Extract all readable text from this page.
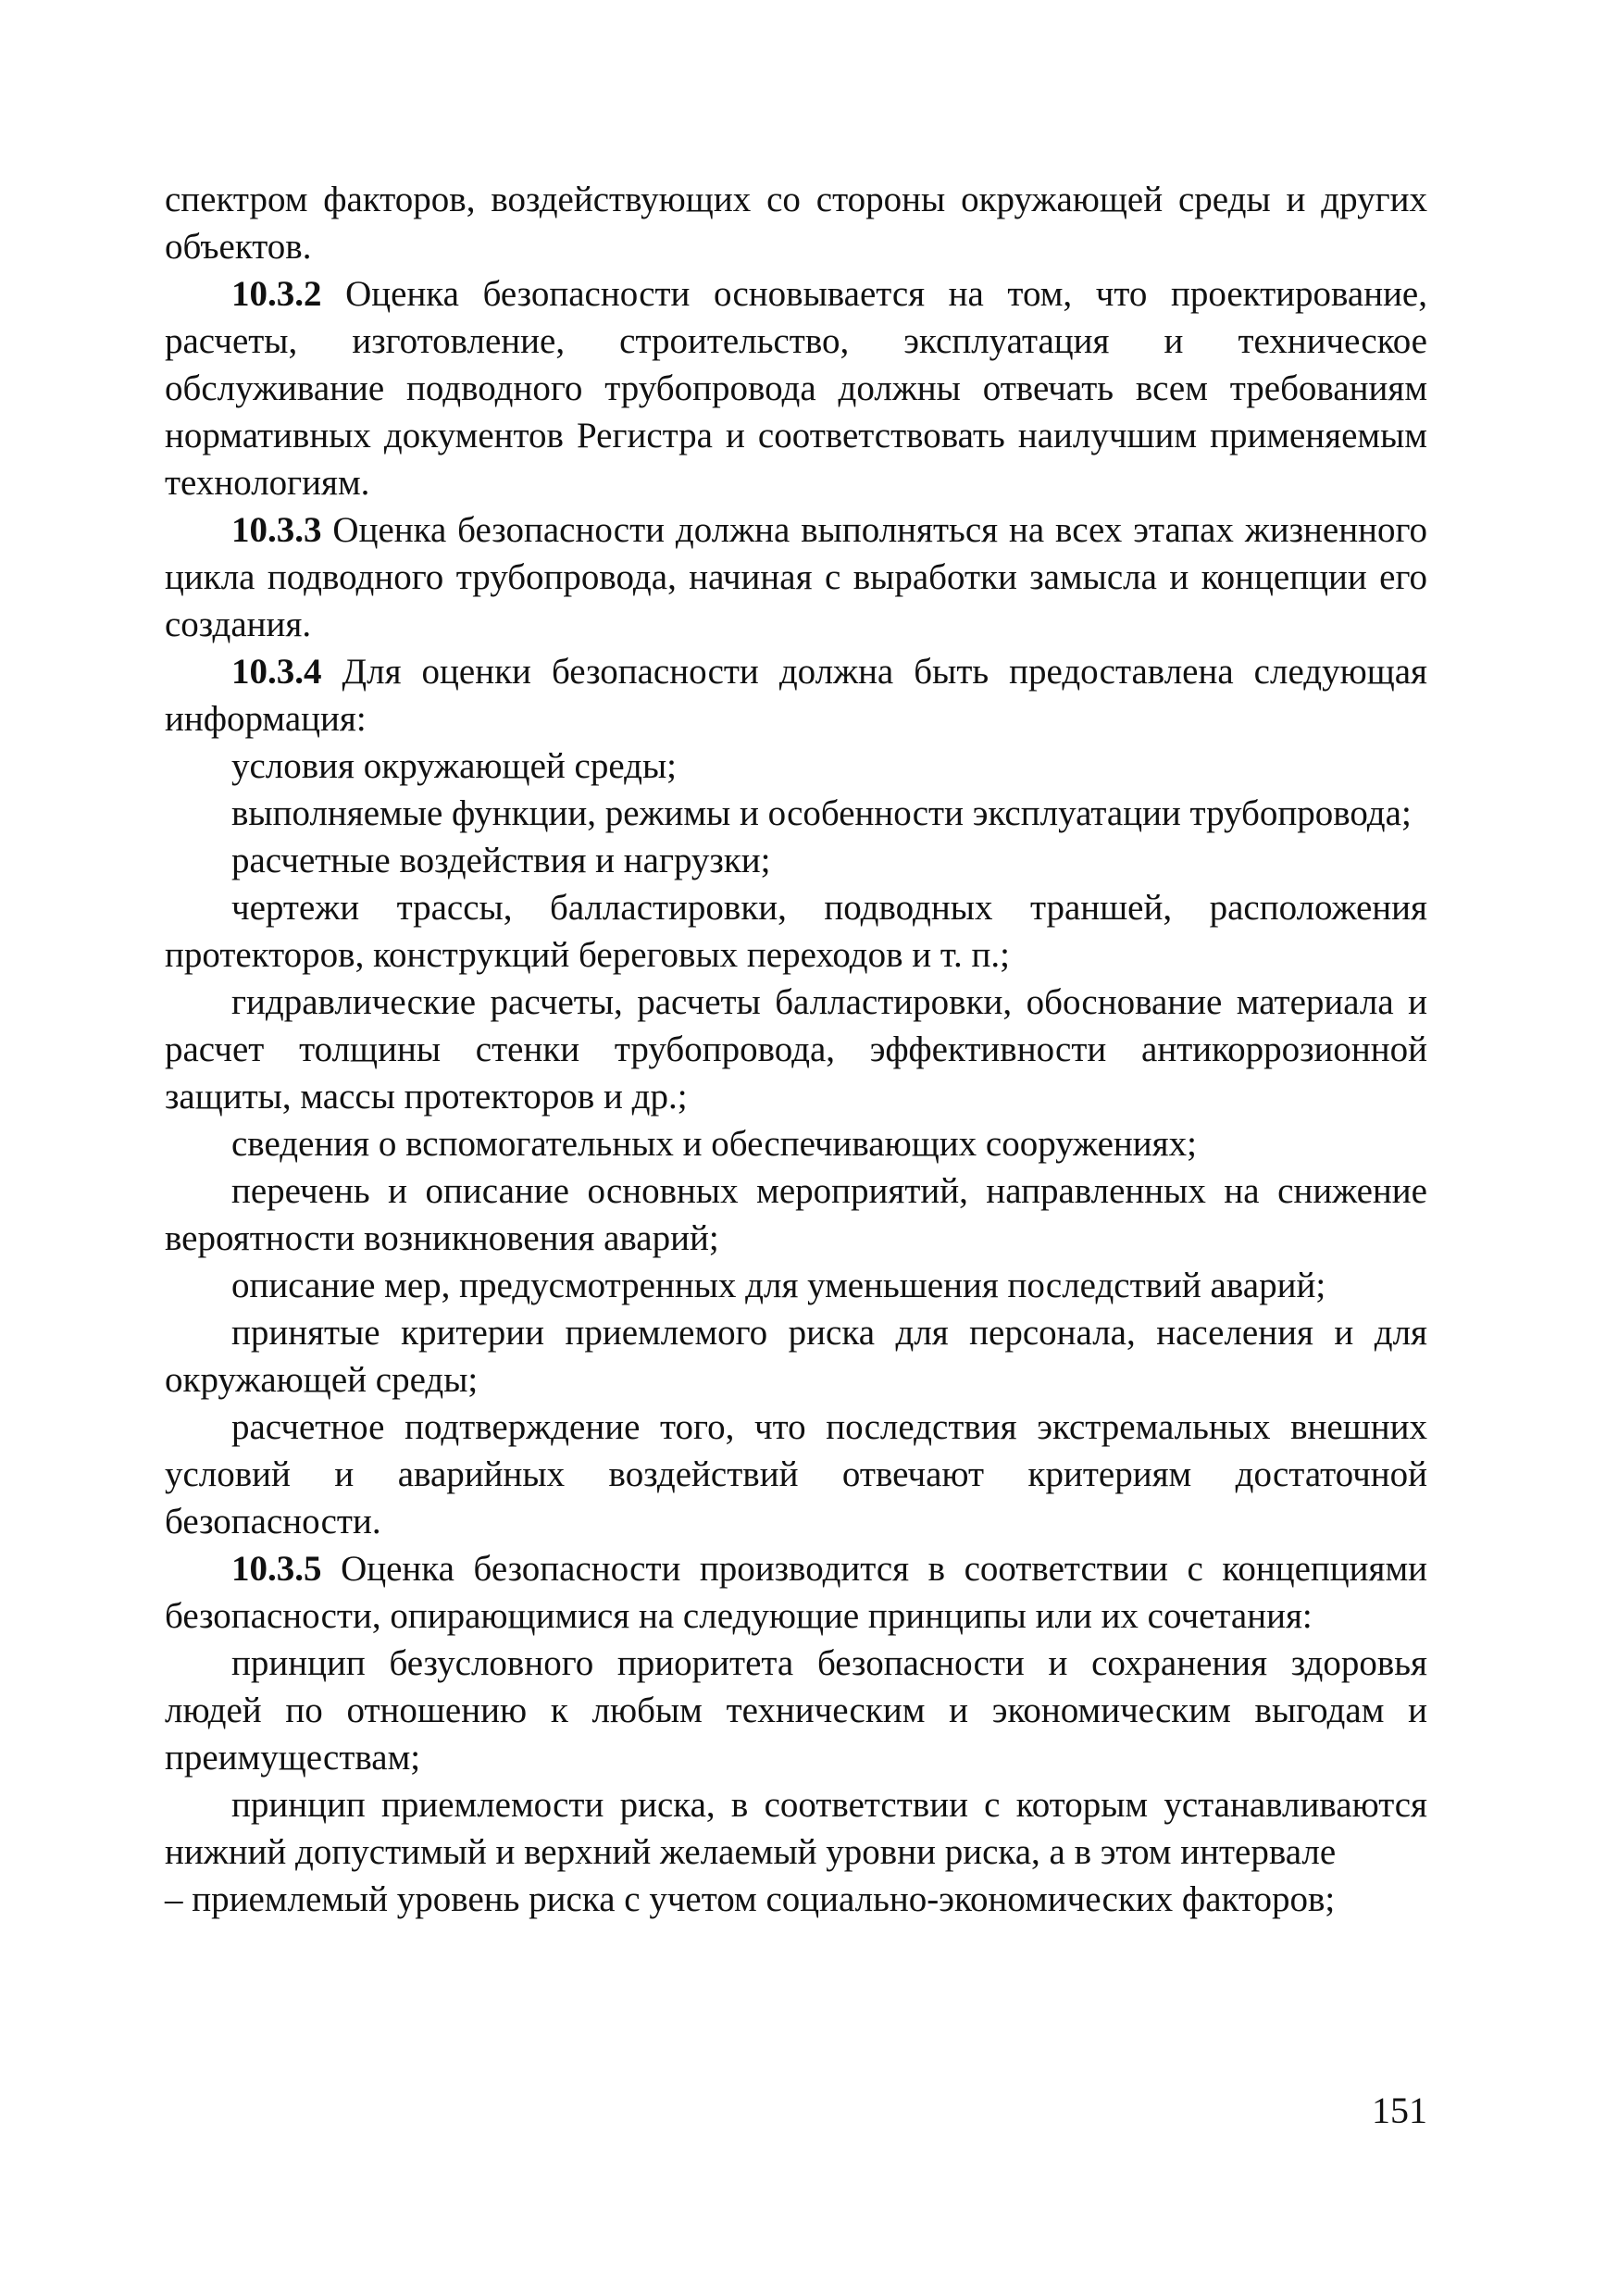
спектром факторов, воздействующих со стороны окружающей среды и других объектов.

10.3.2 Оценка безопасности основывается на том, что проектирование, расчеты, изготовление, строительство, эксплуатация и техническое обслуживание подводного трубопровода должны отвечать всем требованиям нормативных документов Регистра и соответствовать наилучшим применяемым технологиям.

10.3.3 Оценка безопасности должна выполняться на всех этапах жизненного цикла подводного трубопровода, начиная с выработки замысла и концепции его создания.

10.3.4 Для оценки безопасности должна быть предоставлена следующая информация:

условия окружающей среды;

выполняемые функции, режимы и особенности эксплуатации трубопровода;

расчетные воздействия и нагрузки;

чертежи трассы, балластировки, подводных траншей, расположения протекторов, конструкций береговых переходов и т. п.;

гидравлические расчеты, расчеты балластировки, обоснование материала и расчет толщины стенки трубопровода, эффективности антикоррозионной защиты, массы протекторов и др.;

сведения о вспомогательных и обеспечивающих сооружениях;

перечень и описание основных мероприятий, направленных на снижение вероятности возникновения аварий;

описание мер, предусмотренных для уменьшения последствий аварий;

принятые критерии приемлемого риска для персонала, населения и для окружающей среды;

расчетное подтверждение того, что последствия экстремальных внешних условий и аварийных воздействий отвечают критериям достаточной безопасности.

10.3.5 Оценка безопасности производится в соответствии с концепциями безопасности, опирающимися на следующие принципы или их сочетания:

принцип безусловного приоритета безопасности и сохранения здоровья людей по отношению к любым техническим и экономическим выгодам и преимуществам;

принцип приемлемости риска, в соответствии с которым устанавливаются нижний допустимый и верхний желаемый уровни риска, а в этом интервале

– приемлемый уровень риска с учетом социально-экономических факторов;

151
